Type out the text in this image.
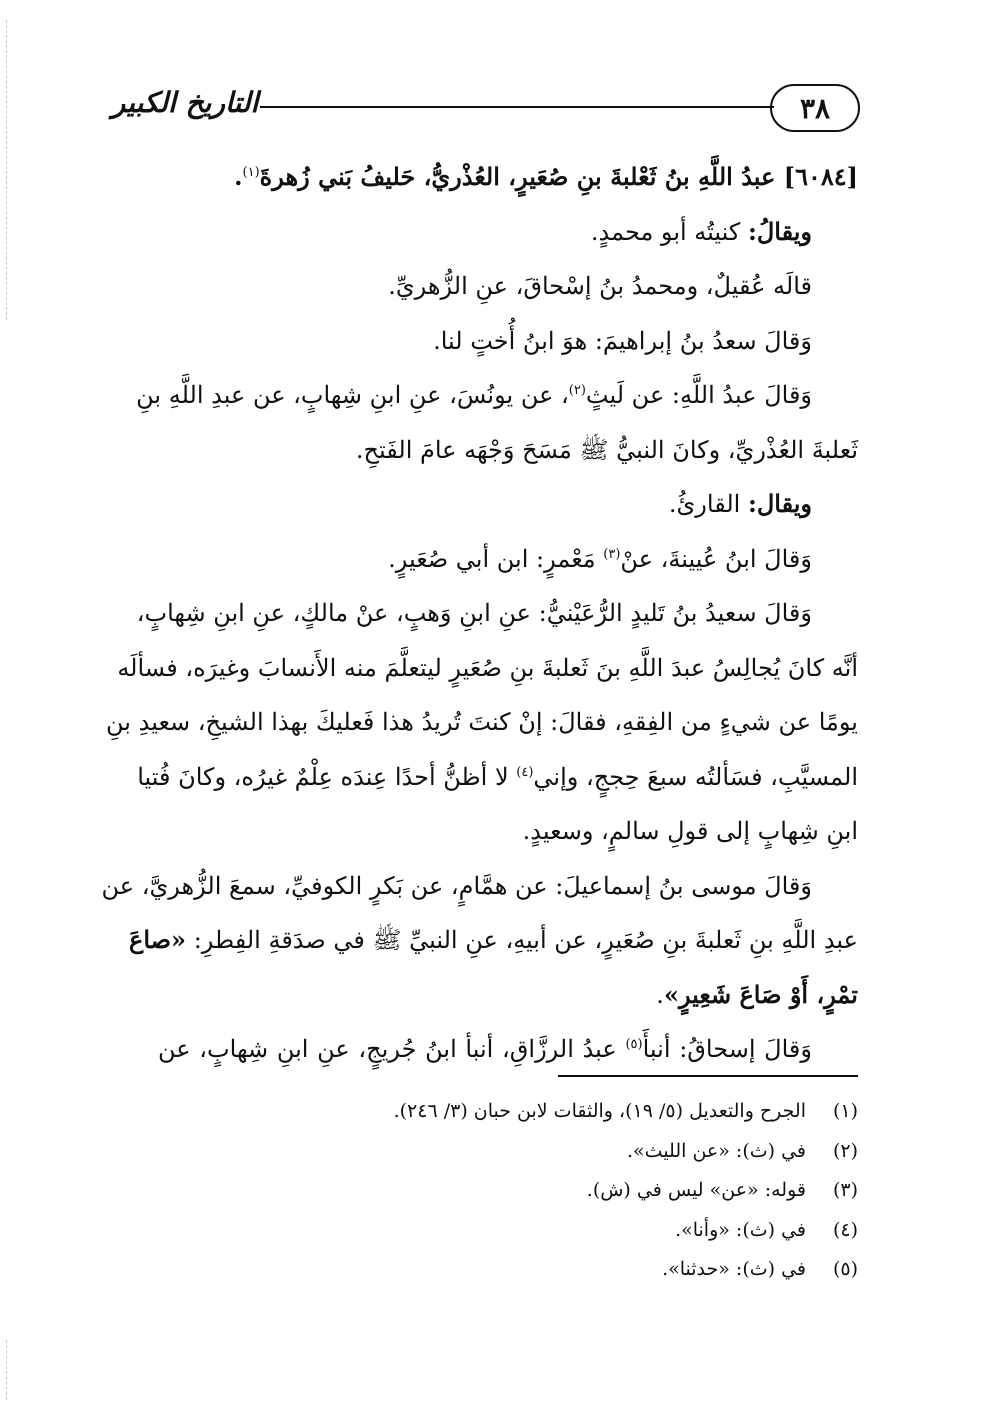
٣٨
التاريخ الكبير
[٦٠٨٤] عبدُ اللَّهِ بنُ ثَعْلبةَ بنِ صُعَيرٍ، العُذْريُّ، حَليفُ بَني زُهرةَ$^{(١)}$.
ويقالُ: كنيتُه أبو محمدٍ.
قالَه عُقيلٌ، ومحمدُ بنُ إسْحاقَ، عنِ الزُّهريِّ.
وَقالَ سعدُ بنُ إبراهيمَ: هوَ ابنُ أُختٍ لنا.
وَقالَ عبدُ اللَّهِ: عن لَيثٍ$^{(٢)}$، عن يونُسَ، عنِ ابنِ شِهابٍ، عن عبدِ اللَّهِ بنِ
ثَعلبةَ العُذْريِّ، وكانَ النبيُّ ﷺ مَسَحَ وَجْهَه عامَ الفَتحِ.
ويقال: القارئُ.
وَقالَ ابنُ عُيينةَ، عنْ$^{(٣)}$ مَعْمرٍ: ابن أبي صُعَيرٍ.
وَقالَ سعيدُ بنُ تَليدٍ الرُّعَيْنيُّ: عنِ ابنِ وَهبٍ، عنْ مالكٍ، عنِ ابنِ شِهابٍ،
أنَّه كانَ يُجالِسُ عبدَ اللَّهِ بنَ ثَعلبةَ بنِ صُعَيرٍ ليتعلَّمَ منه الأَنسابَ وغيرَه، فسألَه
يومًا عن شيءٍ من الفِقهِ، فقالَ: إنْ كنتَ تُريدُ هذا فَعليكَ بهذا الشيخِ، سعيدِ بنِ
المسيَّبِ، فسَألتُه سبعَ حِججٍ، وإني$^{(٤)}$ لا أظنُّ أحدًا عِندَه عِلْمٌ غيرُه، وكانَ فُتيا
ابنِ شِهابٍ إلى قولِ سالمٍ، وسعيدٍ.
وَقالَ موسى بنُ إسماعيلَ: عن همَّامٍ، عن بَكرٍ الكوفيِّ، سمعَ الزُّهريَّ، عن
عبدِ اللَّهِ بنِ ثَعلبةَ بنِ صُعَيرٍ، عن أبيهِ، عنِ النبيِّ ﷺ في صدَقةِ الفِطرِ: «صاعَ
تمْرٍ، أَوْ صَاعَ شَعِيرٍ».
وَقالَ إسحاقُ: أنبأَ$^{(٥)}$ عبدُ الرزَّاقِ، أنبأ ابنُ جُريجٍ، عنِ ابنِ شِهابٍ، عن
(١)الجرح والتعديل (٥/ ١٩)، والثقات لابن حبان (٣/ ٢٤٦).
(٢)في (ث): «عن الليث».
(٣)قوله: «عن» ليس في (ش).
(٤)في (ث): «وأنا».
(٥)في (ث): «حدثنا».
